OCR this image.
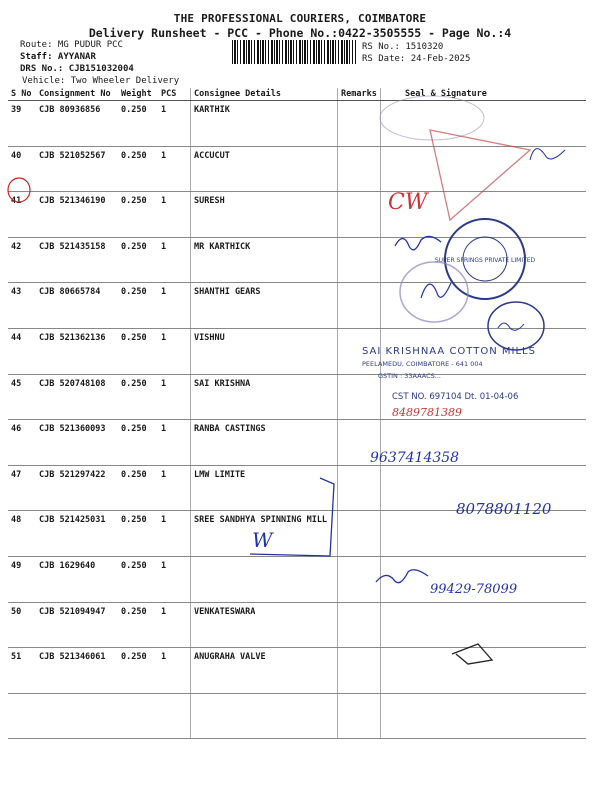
THE PROFESSIONAL COURIERS, COIMBATORE
Delivery Runsheet - PCC - Phone No.:0422-3505555 - Page No.:4
Route: MG PUDUR PCC
Staff: AYYANAR
DRS No.: CJB151032004
Vehicle: Two Wheeler Delivery
RS No.: 1510320
RS Date: 24-Feb-2025
S No	Consignment No	Weight	PCS	Consignee Details	Remarks	Seal & Signature
39	CJB 80936856	0.250	1	KARTHIK		
40	CJB 521052567	0.250	1	ACCUCUT		
41	CJB 521346190	0.250	1	SURESH		
42	CJB 521435158	0.250	1	MR KARTHICK		
43	CJB 80665784	0.250	1	SHANTHI GEARS		
44	CJB 521362136	0.250	1	VISHNU		
45	CJB 520748108	0.250	1	SAI KRISHNA		
46	CJB 521360093	0.250	1	RANBA CASTINGS		
47	CJB 521297422	0.250	1	LMW LIMITE		
48	CJB 521425031	0.250	1	SREE SANDHYA SPINNING MILL		
49	CJB 1629640	0.250	1			
50	CJB 521094947	0.250	1	VENKATESWARA		
51	CJB 521346061	0.250	1	ANUGRAHA VALVE		

CW
SUPER SPRINGS PRIVATE LIMITED
SAI KRISHNAA COTTON MILLS
PEELAMEDU, COIMBATORE - 641 004
GSTIN : 33AAACS...
CST NO. 697104 Dt. 01-04-06
8489781389
9637414358
8078801120
99429-78099
W
